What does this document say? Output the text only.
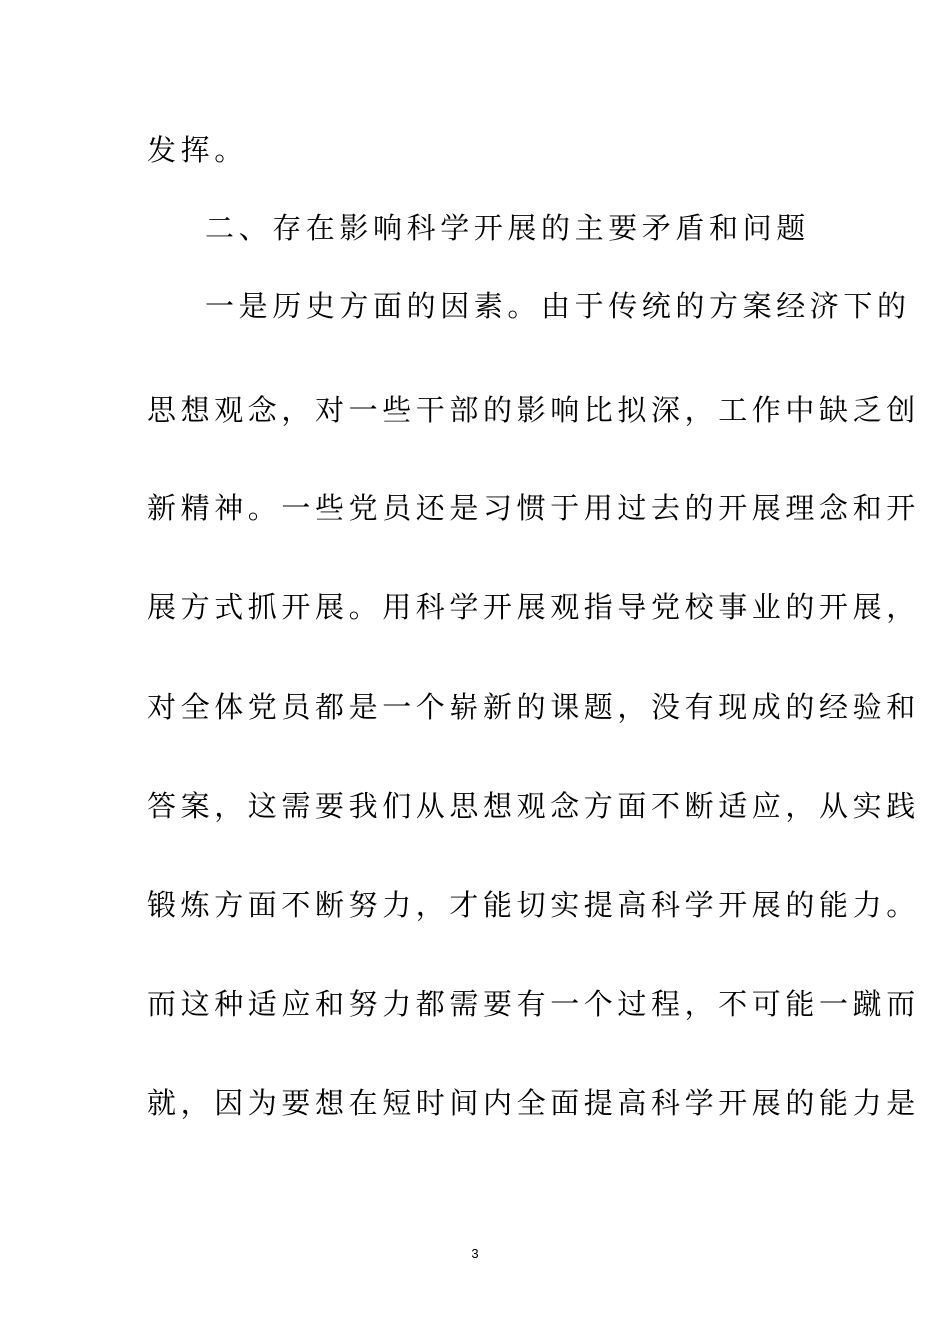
发挥。
二、存在影响科学开展的主要矛盾和问题
一是历史方面的因素。由于传统的方案经济下的
思想观念，对一些干部的影响比拟深，工作中缺乏创
新精神。一些党员还是习惯于用过去的开展理念和开
展方式抓开展。用科学开展观指导党校事业的开展，
对全体党员都是一个崭新的课题，没有现成的经验和
答案，这需要我们从思想观念方面不断适应，从实践
锻炼方面不断努力，才能切实提高科学开展的能力。
而这种适应和努力都需要有一个过程，不可能一蹴而
就，因为要想在短时间内全面提高科学开展的能力是
3
